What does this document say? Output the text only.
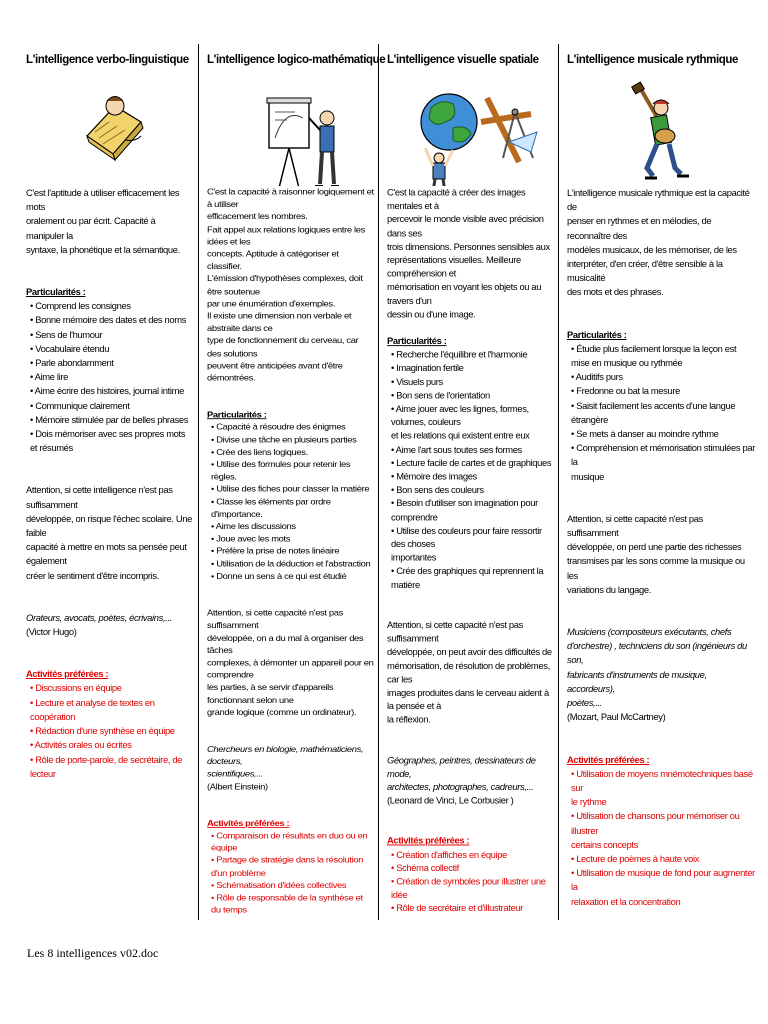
L'intelligence verbo-linguistique

C'est l'aptitude à utiliser efficacement les mots

oralement ou par écrit. Capacité à manipuler la

syntaxe, la phonétique et la sémantique.

Particularités :

• Comprend les consignes

• Bonne mémoire des dates et des noms

• Sens de l'humour

• Vocabulaire étendu

• Parle abondamment

• Aime lire

• Aime écrire des histoires, journal intime

• Communique clairement

• Mémoire stimulée par de belles phrases

• Dois mémoriser avec ses propres mots et résumés

Attention, si cette intelligence n'est pas suffisamment

développée, on risque l'échec scolaire. Une faible

capacité à mettre en mots sa pensée peut également

créer le sentiment d'être incompris.

Orateurs, avocats, poètes, écrivains,...

(Victor Hugo)

Activités préférées :

• Discussions en équipe

• Lecture et analyse de textes en coopération

• Rédaction d'une synthèse en équipe

• Activités orales ou écrites

• Rôle de porte-parole, de secrétaire, de lecteur

L'intelligence logico-mathématique

C'est la capacité à raisonner logiquement et à utiliser

efficacement les nombres.

Fait appel aux relations logiques entre les idées et les

concepts. Aptitude à catégoriser et classifier.

L'émission d'hypothèses complexes, doit être soutenue

par une énumération d'exemples.

Il existe une dimension non verbale et abstraite dans ce

type de fonctionnement du cerveau, car des solutions

peuvent être anticipées avant d'être démontrées.

Particularités :

• Capacité à résoudre des énigmes

• Divise une tâche en plusieurs parties

• Crée des liens logiques.

• Utilise des formules pour retenir les règles.

• Utilise des fiches pour classer la matière

• Classe les éléments par ordre d'importance.

• Aime les discussions

• Joue avec les mots

• Préfère la prise de notes linéaire

• Utilisation de la déduction et l'abstraction

• Donne un sens à ce qui est étudié

Attention, si cette capacité n'est pas suffisamment

développée, on a du mal à organiser des tâches

complexes, à démonter un appareil pour en comprendre

les parties, à se servir d'appareils fonctionnant selon une

grande logique (comme un ordinateur).

Chercheurs en biologie, mathématiciens, docteurs,

scientifiques,...

(Albert Einstein)

Activités préférées :

• Comparaison de résultats en duo ou en équipe

• Partage de stratégie dans la résolution d'un problème

• Schématisation d'idées collectives

• Rôle de responsable de la synthèse et du temps

L'intelligence visuelle spatiale

C'est la capacité à créer des images mentales et à

percevoir le monde visible avec précision dans ses

trois dimensions. Personnes sensibles aux

représentations visuelles. Meilleure compréhension et

mémorisation en voyant les objets ou au travers d'un

dessin ou d'une image.

Particularités :

• Recherche l'équilibre et l'harmonie

• Imagination fertile

• Visuels purs

• Bon sens de l'orientation

• Aime jouer avec les lignes, formes, volumes, couleurs
et les relations qui existent entre eux

• Aime l'art sous toutes ses formes

• Lecture facile de cartes et de graphiques

• Mémoire des images

• Bon sens des couleurs

• Besoin d'utiliser son imagination pour comprendre

• Utilise des couleurs pour faire ressortir des choses
importantes

• Crée des graphiques qui reprennent la matière

Attention, si cette capacité n'est pas suffisamment

développée, on peut avoir des difficultés de

mémorisation, de résolution de problèmes, car les

images produites dans le cerveau aident à la pensée et à

la réflexion.

Géographes, peintres, dessinateurs de mode,

architectes, photographes, cadreurs,...

(Leonard de Vinci, Le Corbusier )

Activités préférées :

• Création d'affiches en équipe

• Schéma collectif

• Création de symboles pour illustrer une idée

• Rôle de secrétaire et d'illustrateur

L'intelligence musicale rythmique

L'intelligence musicale rythmique est la capacité de

penser en rythmes et en mélodies, de reconnaître des

modèles musicaux, de les mémoriser, de les

interpréter, d'en créer, d'être sensible à la musicalité

des mots et des phrases.

Particularités :

• Étudie plus facilement lorsque la leçon est
mise en musique ou rythmée

• Auditifs purs

• Fredonne ou bat la mesure

• Saisit facilement les accents d'une langue
étrangère

• Se mets à danser au moindre rythme

• Compréhension et mémorisation stimulées par la
musique

Attention, si cette capacité n'est pas suffisamment

développée, on perd une partie des richesses

transmises par les sons comme la musique ou les

variations du langage.

Musiciens (compositeurs exécutants, chefs

d'orchestre) , techniciens du son (ingénieurs du son,

fabricants d'instruments de musique, accordeurs),

poètes,...

(Mozart, Paul McCartney)

Activités préférées :

• Utilisation de moyens mnémotechniques basé sur
le rythme

• Utilisation de chansons pour mémoriser ou illustrer
certains concepts

• Lecture de poèmes à haute voix

• Utilisation de musique de fond pour augmenter la
relaxation et la concentration

Les 8 intelligences v02.doc
